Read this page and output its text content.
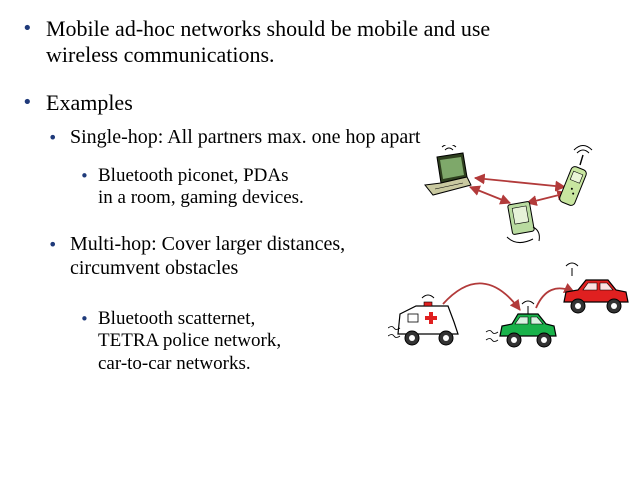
• Mobile ad-hoc networks should be mobile and use
wireless communications.
• Examples
• Single-hop: All partners max. one hop apart
• Bluetooth piconet, PDAs
in a room, gaming devices.
• Multi-hop: Cover larger distances,
circumvent obstacles
• Bluetooth scatternet,
TETRA police network,
car-to-car networks.
